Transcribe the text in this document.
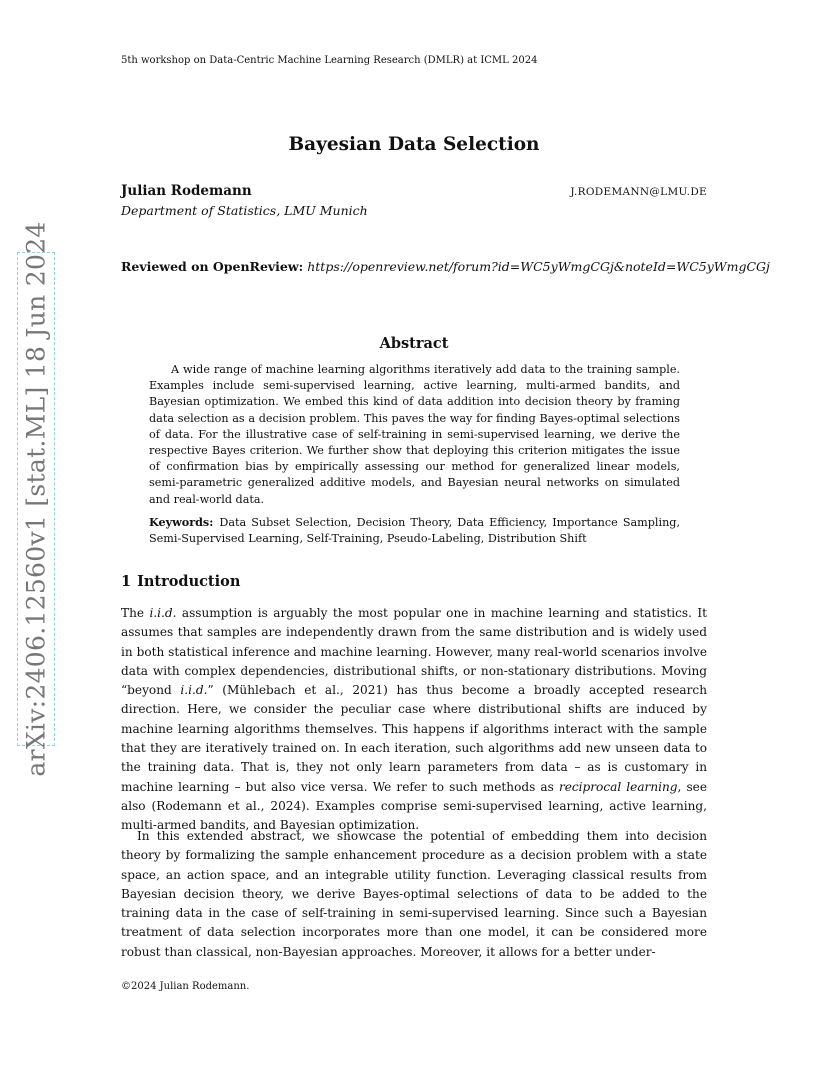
5th workshop on Data-Centric Machine Learning Research (DMLR) at ICML 2024
Bayesian Data Selection
Julian Rodemann	J.RODEMANN@LMU.DE
Department of Statistics, LMU Munich
Reviewed on OpenReview: https://openreview.net/forum?id=WC5yWmgCGj&noteId=WC5yWmgCGj
arXiv:2406.12560v1 [stat.ML] 18 Jun 2024	Abstract

A wide range of machine learning algorithms iteratively add data to the training sample. Examples include semi-supervised learning, active learning, multi-armed bandits, and Bayesian optimization. We embed this kind of data addition into decision theory by framing data selection as a decision problem. This paves the way for finding Bayes-optimal selections of data. For the illustrative case of self-training in semi-supervised learning, we derive the respective Bayes criterion. We further show that deploying this criterion mitigates the issue of confirmation bias by empirically assessing our method for generalized linear models, semi-parametric generalized additive models, and Bayesian neural networks on simulated and real-world data.

Keywords: Data Subset Selection, Decision Theory, Data Efficiency, Importance Sampling, Semi-Supervised Learning, Self-Training, Pseudo-Labeling, Distribution Shift

1 Introduction

The i.i.d. assumption is arguably the most popular one in machine learning and statistics. It assumes that samples are independently drawn from the same distribution and is widely used in both statistical inference and machine learning. However, many real-world scenarios involve data with complex dependencies, distributional shifts, or non-stationary distributions. Moving “beyond i.i.d.” (Mühlebach et al., 2021) has thus become a broadly accepted research direction. Here, we consider the peculiar case where distributional shifts are induced by machine learning algorithms themselves. This happens if algorithms interact with the sample that they are iteratively trained on. In each iteration, such algorithms add new unseen data to the training data. That is, they not only learn parameters from data – as is customary in machine learning – but also vice versa. We refer to such methods as reciprocal learning, see also (Rodemann et al., 2024). Examples comprise semi-supervised learning, active learning, multi-armed bandits, and Bayesian optimization.

In this extended abstract, we showcase the potential of embedding them into decision theory by formalizing the sample enhancement procedure as a decision problem with a state space, an action space, and an integrable utility function. Leveraging classical results from Bayesian decision theory, we derive Bayes-optimal selections of data to be added to the training data in the case of self-training in semi-supervised learning. Since such a Bayesian treatment of data selection incorporates more than one model, it can be considered more robust than classical, non-Bayesian approaches. Moreover, it allows for a better under-

©2024 Julian Rodemann.
